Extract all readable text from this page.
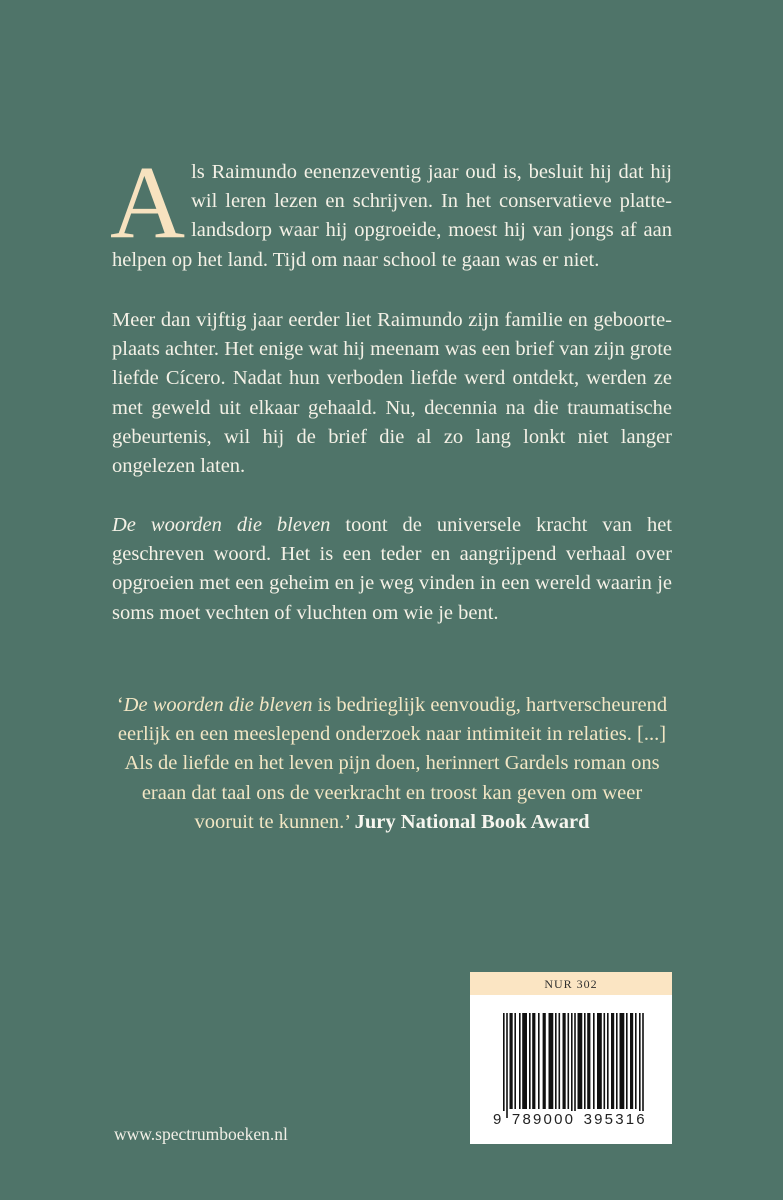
Als Raimundo eenenzeventig jaar oud is, besluit hij dat hij wil leren lezen en schrijven. In het conservatieve platte-landsdorp waar hij opgroeide, moest hij van jongs af aan helpen op het land. Tijd om naar school te gaan was er niet.

Meer dan vijftig jaar eerder liet Raimundo zijn familie en geboorte-plaats achter. Het enige wat hij meenam was een brief van zijn grote liefde Cícero. Nadat hun verboden liefde werd ontdekt, werden ze met geweld uit elkaar gehaald. Nu, decennia na die traumatische gebeurtenis, wil hij de brief die al zo lang lonkt niet langer ongelezen laten.

De woorden die bleven toont de universele kracht van het geschreven woord. Het is een teder en aangrijpend verhaal over opgroeien met een geheim en je weg vinden in een wereld waarin je soms moet vechten of vluchten om wie je bent.

‘De woorden die bleven is bedrieglijk eenvoudig, hartverscheurend eerlijk en een meeslepend onderzoek naar intimiteit in relaties. [...] Als de liefde en het leven pijn doen, herinnert Gardels roman ons eraan dat taal ons de veerkracht en troost kan geven om weer vooruit te kunnen.’ Jury National Book Award

NUR 302
9 789000 395316
www.spectrumboeken.nl
